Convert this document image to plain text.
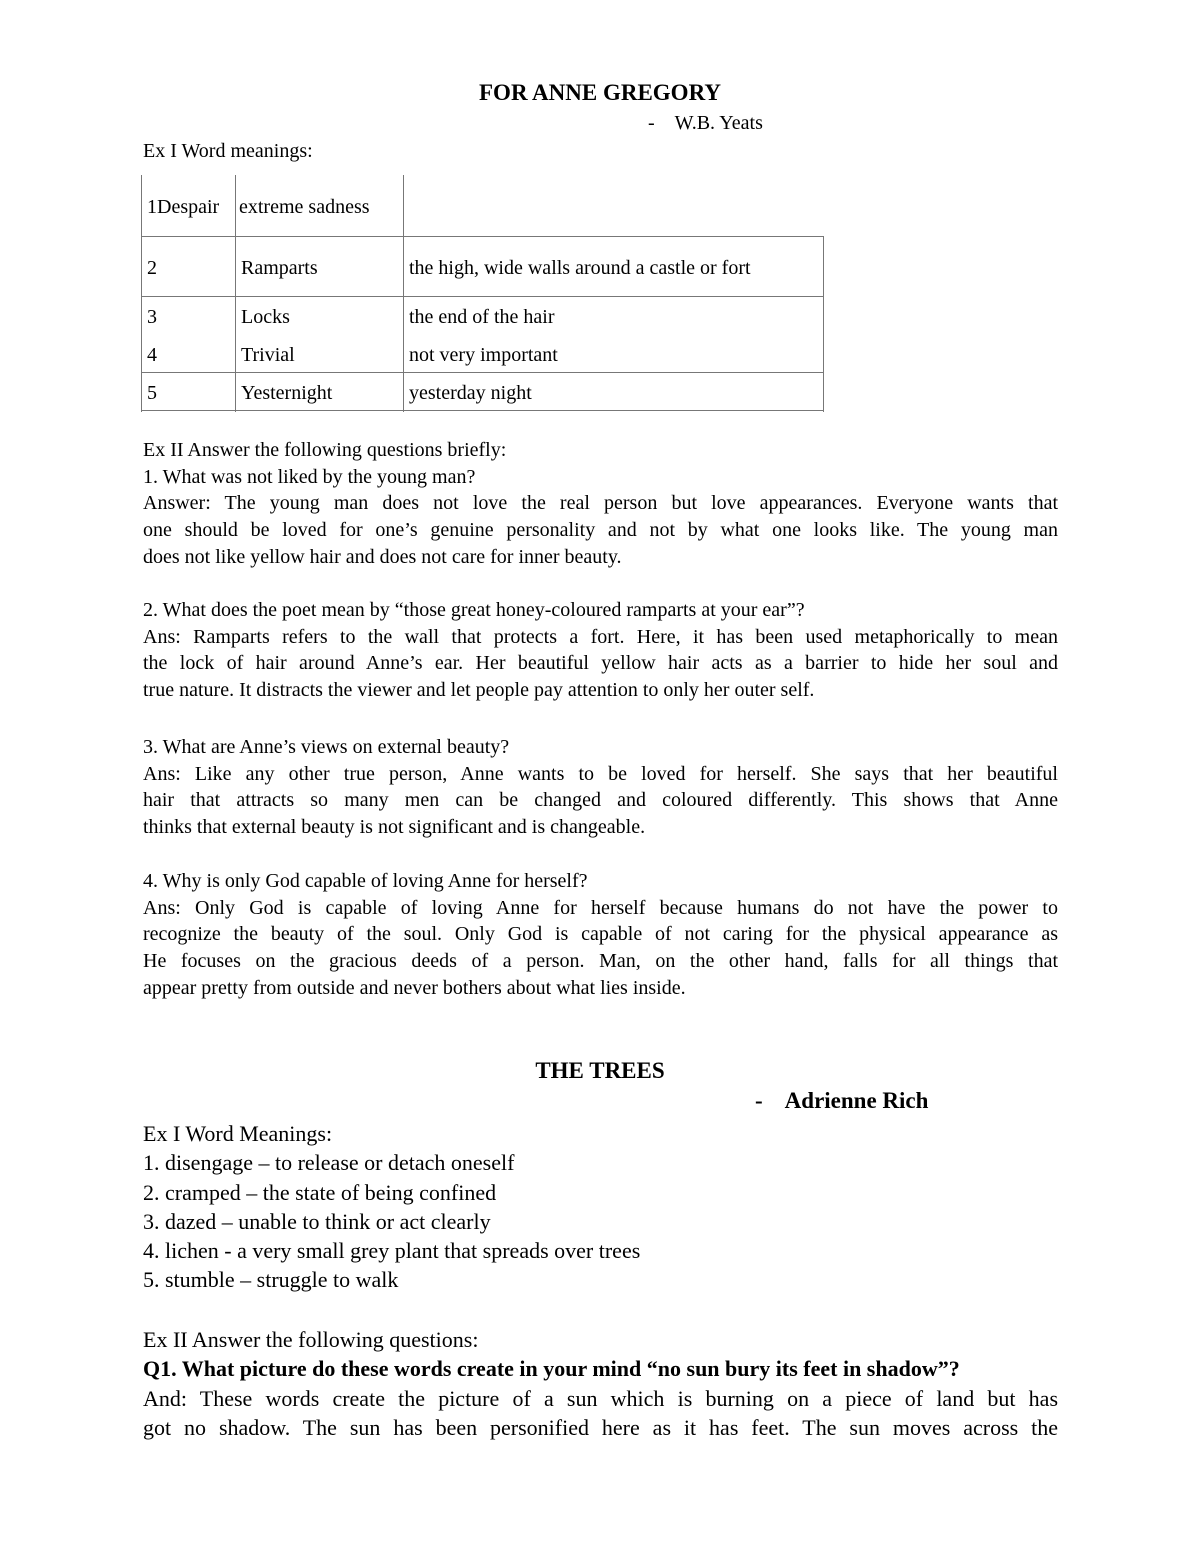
FOR ANNE GREGORY
- W.B. Yeats
Ex I Word meanings:
1Despair extreme sadness
2	Ramparts	the high, wide walls around a castle or fort
3	Locks	the end of the hair
4	Trivial	not very important
5	Yesternight	yesterday night
Ex II Answer the following questions briefly:
1. What was not liked by the young man?
Answer: The young man does not love the real person but love appearances. Everyone wants that
one should be loved for one’s genuine personality and not by what one looks like. The young man
does not like yellow hair and does not care for inner beauty.
2. What does the poet mean by “those great honey-coloured ramparts at your ear”?
Ans: Ramparts refers to the wall that protects a fort. Here, it has been used metaphorically to mean
the lock of hair around Anne’s ear. Her beautiful yellow hair acts as a barrier to hide her soul and
true nature. It distracts the viewer and let people pay attention to only her outer self.
3. What are Anne’s views on external beauty?
Ans: Like any other true person, Anne wants to be loved for herself. She says that her beautiful
hair that attracts so many men can be changed and coloured differently. This shows that Anne
thinks that external beauty is not significant and is changeable.
4. Why is only God capable of loving Anne for herself?
Ans: Only God is capable of loving Anne for herself because humans do not have the power to
recognize the beauty of the soul. Only God is capable of not caring for the physical appearance as
He focuses on the gracious deeds of a person. Man, on the other hand, falls for all things that
appear pretty from outside and never bothers about what lies inside.
THE TREES
- Adrienne Rich
Ex I Word Meanings:
1. disengage – to release or detach oneself
2. cramped – the state of being confined
3. dazed – unable to think or act clearly
4. lichen - a very small grey plant that spreads over trees
5. stumble – struggle to walk
Ex II Answer the following questions:
Q1. What picture do these words create in your mind “no sun bury its feet in shadow”?
And: These words create the picture of a sun which is burning on a piece of land but has
got no shadow. The sun has been personified here as it has feet. The sun moves across the
